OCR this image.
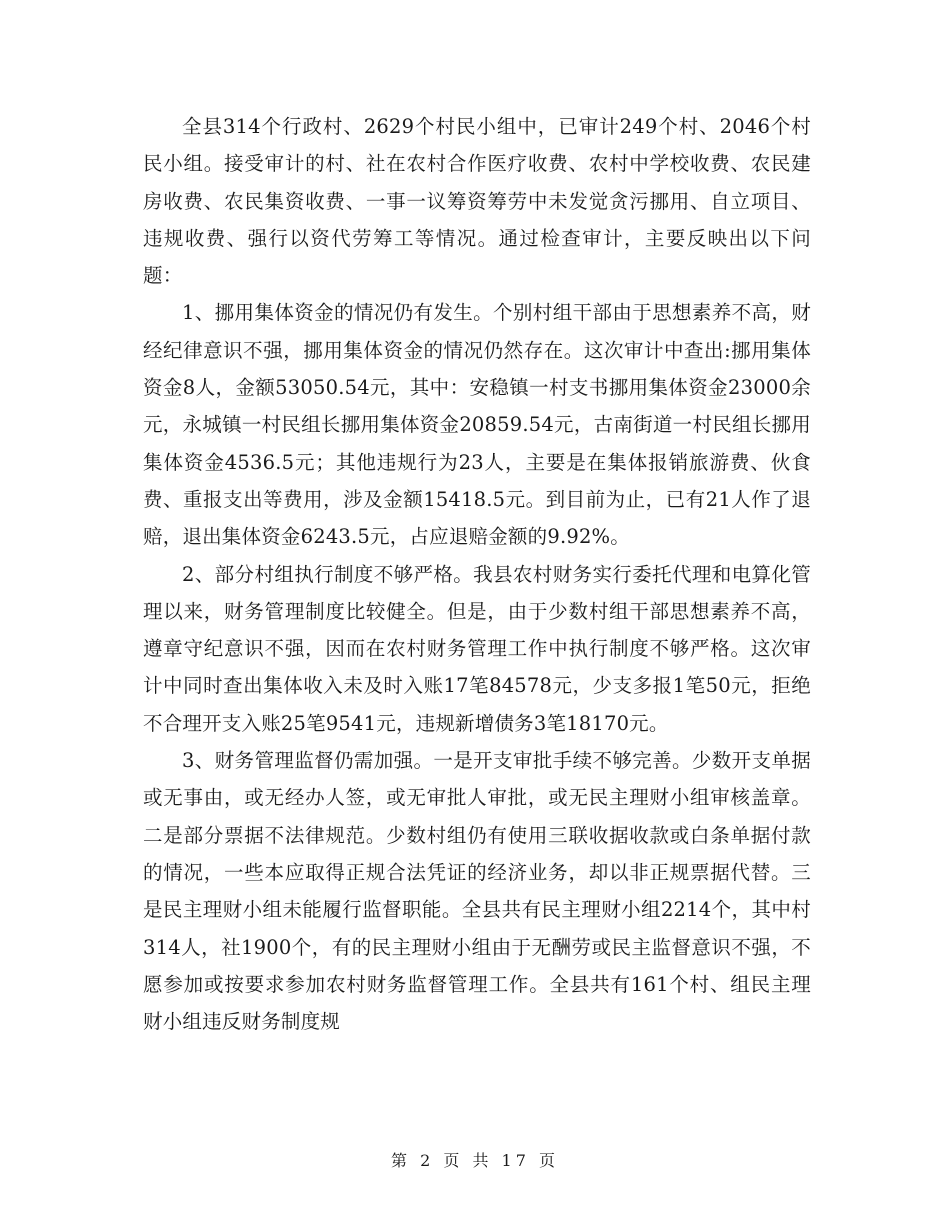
全县314个行政村、2629个村民小组中，已审计249个村、2046个村民小组。接受审计的村、社在农村合作医疗收费、农村中学校收费、农民建房收费、农民集资收费、一事一议筹资筹劳中未发觉贪污挪用、自立项目、违规收费、强行以资代劳筹工等情况。通过检查审计，主要反映出以下问题：

1、挪用集体资金的情况仍有发生。个别村组干部由于思想素养不高，财经纪律意识不强，挪用集体资金的情况仍然存在。这次审计中查出:挪用集体资金8人，金额53050.54元，其中：安稳镇一村支书挪用集体资金23000余元，永城镇一村民组长挪用集体资金20859.54元，古南街道一村民组长挪用集体资金4536.5元；其他违规行为23人，主要是在集体报销旅游费、伙食费、重报支出等费用，涉及金额15418.5元。到目前为止，已有21人作了退赔，退出集体资金6243.5元，占应退赔金额的9.92%。

2、部分村组执行制度不够严格。我县农村财务实行委托代理和电算化管理以来，财务管理制度比较健全。但是，由于少数村组干部思想素养不高，遵章守纪意识不强，因而在农村财务管理工作中执行制度不够严格。这次审计中同时查出集体收入未及时入账17笔84578元，少支多报1笔50元，拒绝不合理开支入账25笔9541元，违规新增债务3笔18170元。

3、财务管理监督仍需加强。一是开支审批手续不够完善。少数开支单据或无事由，或无经办人签，或无审批人审批，或无民主理财小组审核盖章。二是部分票据不法律规范。少数村组仍有使用三联收据收款或白条单据付款的情况，一些本应取得正规合法凭证的经济业务，却以非正规票据代替。三是民主理财小组未能履行监督职能。全县共有民主理财小组2214个，其中村314人，社1900个，有的民主理财小组由于无酬劳或民主监督意识不强，不愿参加或按要求参加农村财务监督管理工作。全县共有161个村、组民主理财小组违反财务制度规

第 2 页 共 17 页
